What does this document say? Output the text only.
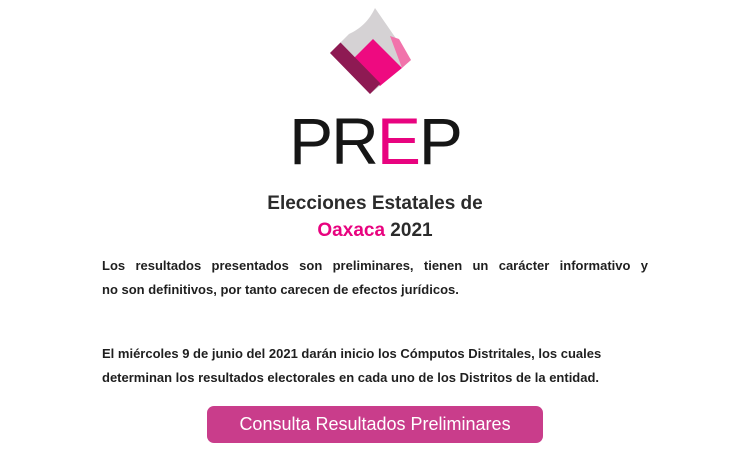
PREP
Elecciones Estatales de
Oaxaca 2021
Los resultados presentados son preliminares, tienen un carácter informativo y
no son definitivos, por tanto carecen de efectos jurídicos.
El miércoles 9 de junio del 2021 darán inicio los Cómputos Distritales, los cuales
determinan los resultados electorales en cada uno de los Distritos de la entidad.
Consulta Resultados Preliminares
